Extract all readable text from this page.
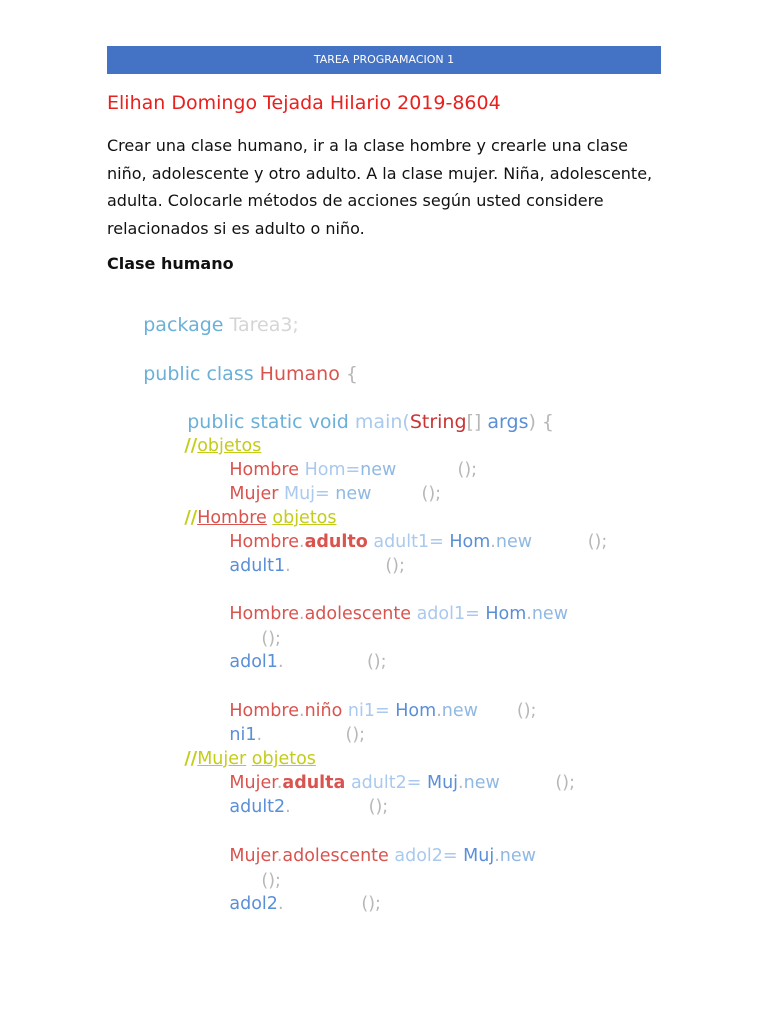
TAREA PROGRAMACION 1
Elihan Domingo Tejada Hilario 2019-8604
Crear una clase humano, ir a la clase hombre y crearle una clase
niño, adolescente y otro adulto. A la clase mujer. Niña, adolescente,
adulta. Colocarle métodos de acciones según usted considere
relacionados si es adulto o niño.
Clase humano

package Tarea3;

public class Humano {

public static void main(String[] args) {

//objetos

Hombre Hom=new	();

Mujer Muj= new	();

//Hombre objetos

Hombre.adulto adult1= Hom.new	();

adult1.	();

Hombre.adolescente adol1= Hom.new

();

adol1.	();

Hombre.niño ni1= Hom.new ();

ni1.	();

//Mujer objetos

Mujer.adulta adult2= Muj.new	();

adult2.	();

Mujer.adolescente adol2= Muj.new

();

adol2.	();
